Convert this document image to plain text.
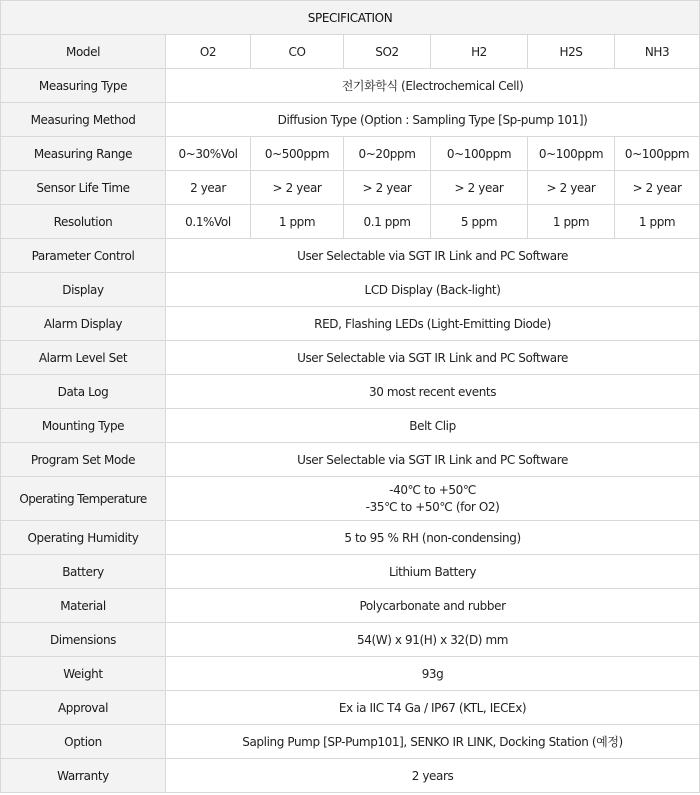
SPECIFICATION						
Model	O2	CO	SO2	H2	H2S	NH3
Measuring Type	전기화학식 (Electrochemical Cell)					
Measuring Method	Diffusion Type (Option : Sampling Type [Sp-pump 101])					
Measuring Range	0~30%Vol	0~500ppm	0~20ppm	0~100ppm	0~100ppm	0~100ppm
Sensor Life Time	2 year	> 2 year	> 2 year	> 2 year	> 2 year	> 2 year
Resolution	0.1%Vol	1 ppm	0.1 ppm	5 ppm	1 ppm	1 ppm
Parameter Control	User Selectable via SGT IR Link and PC Software					
Display	LCD Display (Back-light)					
Alarm Display	RED, Flashing LEDs (Light-Emitting Diode)					
Alarm Level Set	User Selectable via SGT IR Link and PC Software					
Data Log	30 most recent events					
Mounting Type	Belt Clip					
Program Set Mode	User Selectable via SGT IR Link and PC Software					
Operating Temperature	-40℃ to +50℃
-35℃ to +50℃ (for O2)					

Operating Humidity	5 to 95 % RH (non-condensing)					
Battery	Lithium Battery					
Material	Polycarbonate and rubber					
Dimensions	54(W) x 91(H) x 32(D) mm					
Weight	93g					
Approval	Ex ia IIC T4 Ga / IP67 (KTL, IECEx)					
Option	Sapling Pump [SP-Pump101], SENKO IR LINK, Docking Station (예정)					
Warranty	2 years					
